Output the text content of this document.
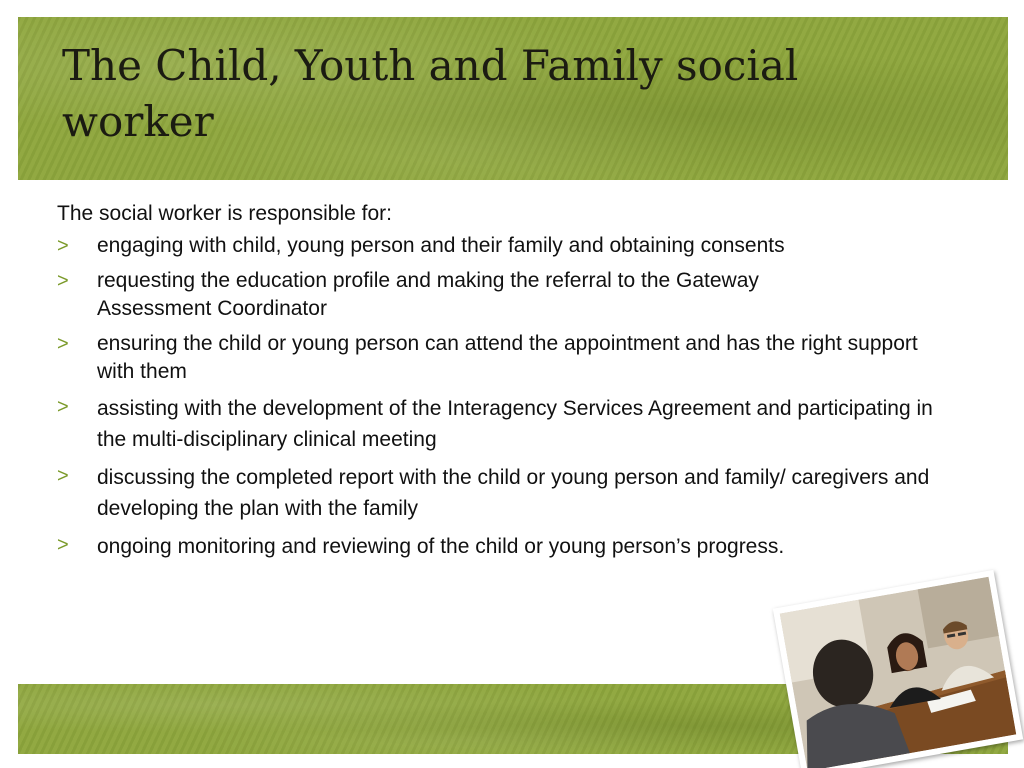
The Child, Youth and Family social worker

The social worker is responsible for:

> engaging with child, young person and their family and obtaining consents
> requesting the education profile and making the referral to the Gateway Assessment Coordinator
> ensuring the child or young person can attend the appointment and has the right support with them
> assisting with the development of the Interagency Services Agreement and participating in the multi-disciplinary clinical meeting
> discussing the completed report with the child or young person and family/ caregivers and developing the plan with the family
> ongoing monitoring and reviewing of the child or young person’s progress.
